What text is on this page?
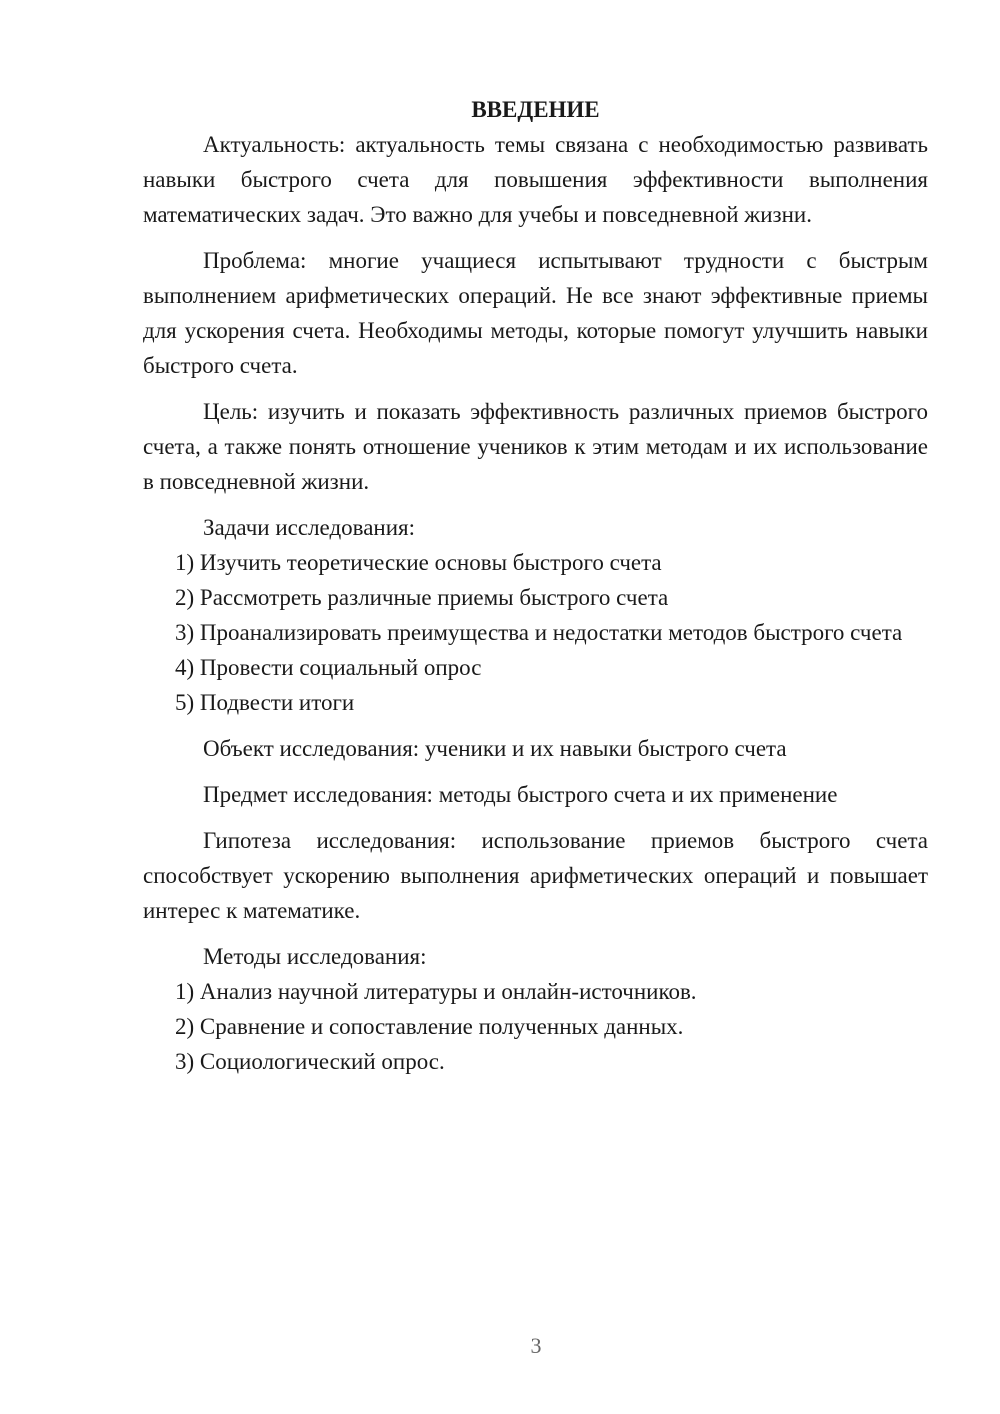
ВВЕДЕНИЕ

Актуальность: актуальность темы связана с необходимостью развивать навыки быстрого счета для повышения эффективности выполнения математических задач. Это важно для учебы и повседневной жизни.

Проблема: многие учащиеся испытывают трудности с быстрым выполнением арифметических операций. Не все знают эффективные приемы для ускорения счета. Необходимы методы, которые помогут улучшить навыки быстрого счета.

Цель: изучить и показать эффективность различных приемов быстрого счета, а также понять отношение учеников к этим методам и их использование в повседневной жизни.

Задачи исследования:

1) Изучить теоретические основы быстрого счета

2) Рассмотреть различные приемы быстрого счета

3) Проанализировать преимущества и недостатки методов быстрого счета

4) Провести социальный опрос

5) Подвести итоги

Объект исследования: ученики и их навыки быстрого счета

Предмет исследования: методы быстрого счета и их применение

Гипотеза исследования: использование приемов быстрого счета способствует ускорению выполнения арифметических операций и повышает интерес к математике.

Методы исследования:

1) Анализ научной литературы и онлайн-источников.

2) Сравнение и сопоставление полученных данных.

3) Социологический опрос.

3
